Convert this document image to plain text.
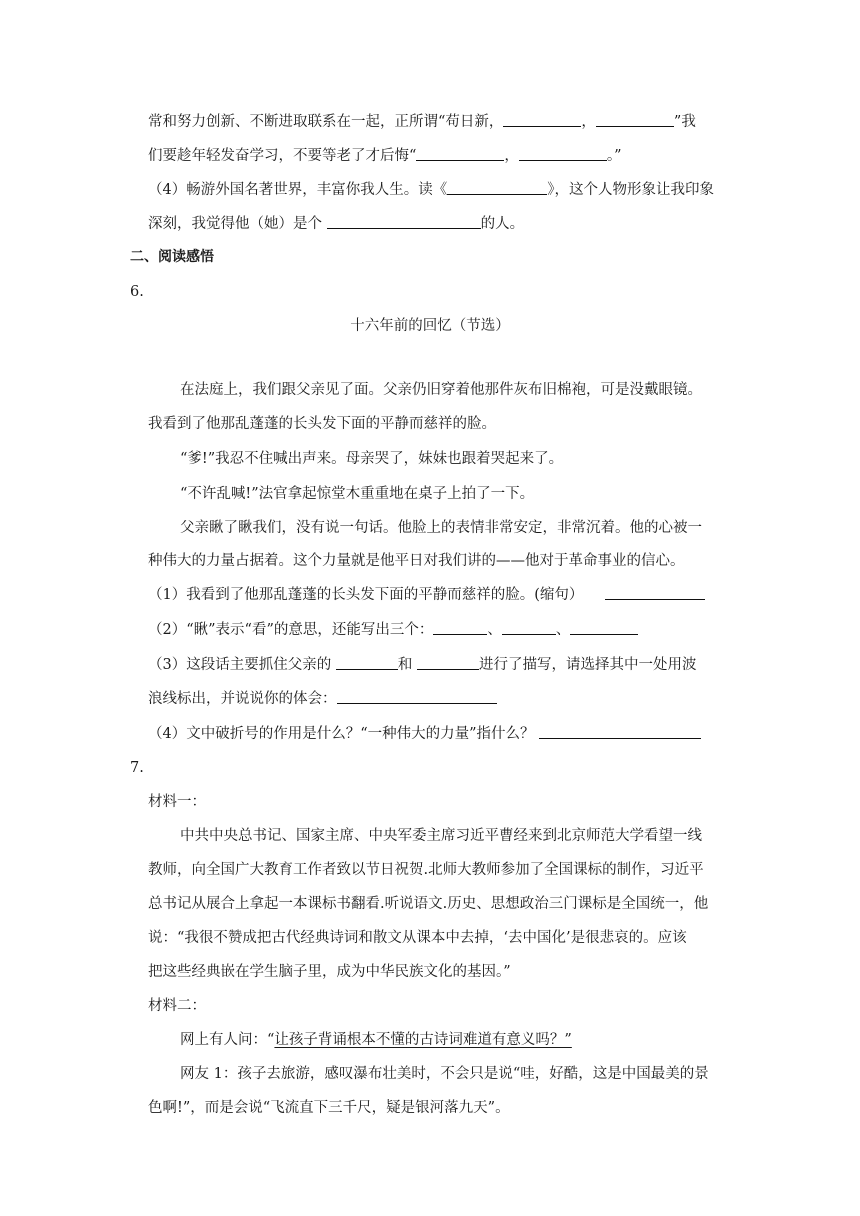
常和努力创新、不断进取联系在一起，正所谓“苟日新，	，	”我
们要趁年轻发奋学习，不要等老了才后悔“	，	。”
（4）畅游外国名著世界，丰富你我人生。读《	》，这个人物形象让我印象
深刻，我觉得他（她）是个	的人。
二、阅读感悟
6.
十六年前的回忆（节选）
在法庭上，我们跟父亲见了面。父亲仍旧穿着他那件灰布旧棉袍，可是没戴眼镜。
我看到了他那乱蓬蓬的长头发下面的平静而慈祥的脸。
“爹!”我忍不住喊出声来。母亲哭了，妹妹也跟着哭起来了。
“不许乱喊!”法官拿起惊堂木重重地在桌子上拍了一下。
父亲瞅了瞅我们，没有说一句话。他脸上的表情非常安定，非常沉着。他的心被一
种伟大的力量占据着。这个力量就是他平日对我们讲的——他对于革命事业的信心。
（1）我看到了他那乱蓬蓬的长头发下面的平静而慈祥的脸。(缩句）
（2）“瞅”表示“看”的意思，还能写出三个：	、	、
（3）这段话主要抓住父亲的	和	进行了描写，请选择其中一处用波
浪线标出，并说说你的体会：
（4）文中破折号的作用是什么？“一种伟大的力量”指什么？
7.
材料一：
中共中央总书记、国家主席、中央军委主席习近平曹经来到北京师范大学看望一线
教师，向全国广大教育工作者致以节日祝贺.北师大教师参加了全国课标的制作，习近平
总书记从展合上拿起一本课标书翻看.听说语文.历史、思想政治三门课标是全国统一，他
说：“我很不赞成把古代经典诗词和散文从课本中去掉，‘去中国化’是很悲哀的。应该
把这些经典嵌在学生脑子里，成为中华民族文化的基因。”
材料二：
网上有人问：“让孩子背诵根本不懂的古诗词难道有意义吗？”
网友 1：孩子去旅游，感叹瀑布壮美时，不会只是说“哇，好酷，这是中国最美的景
色啊!”，而是会说“飞流直下三千尺，疑是银河落九天”。
